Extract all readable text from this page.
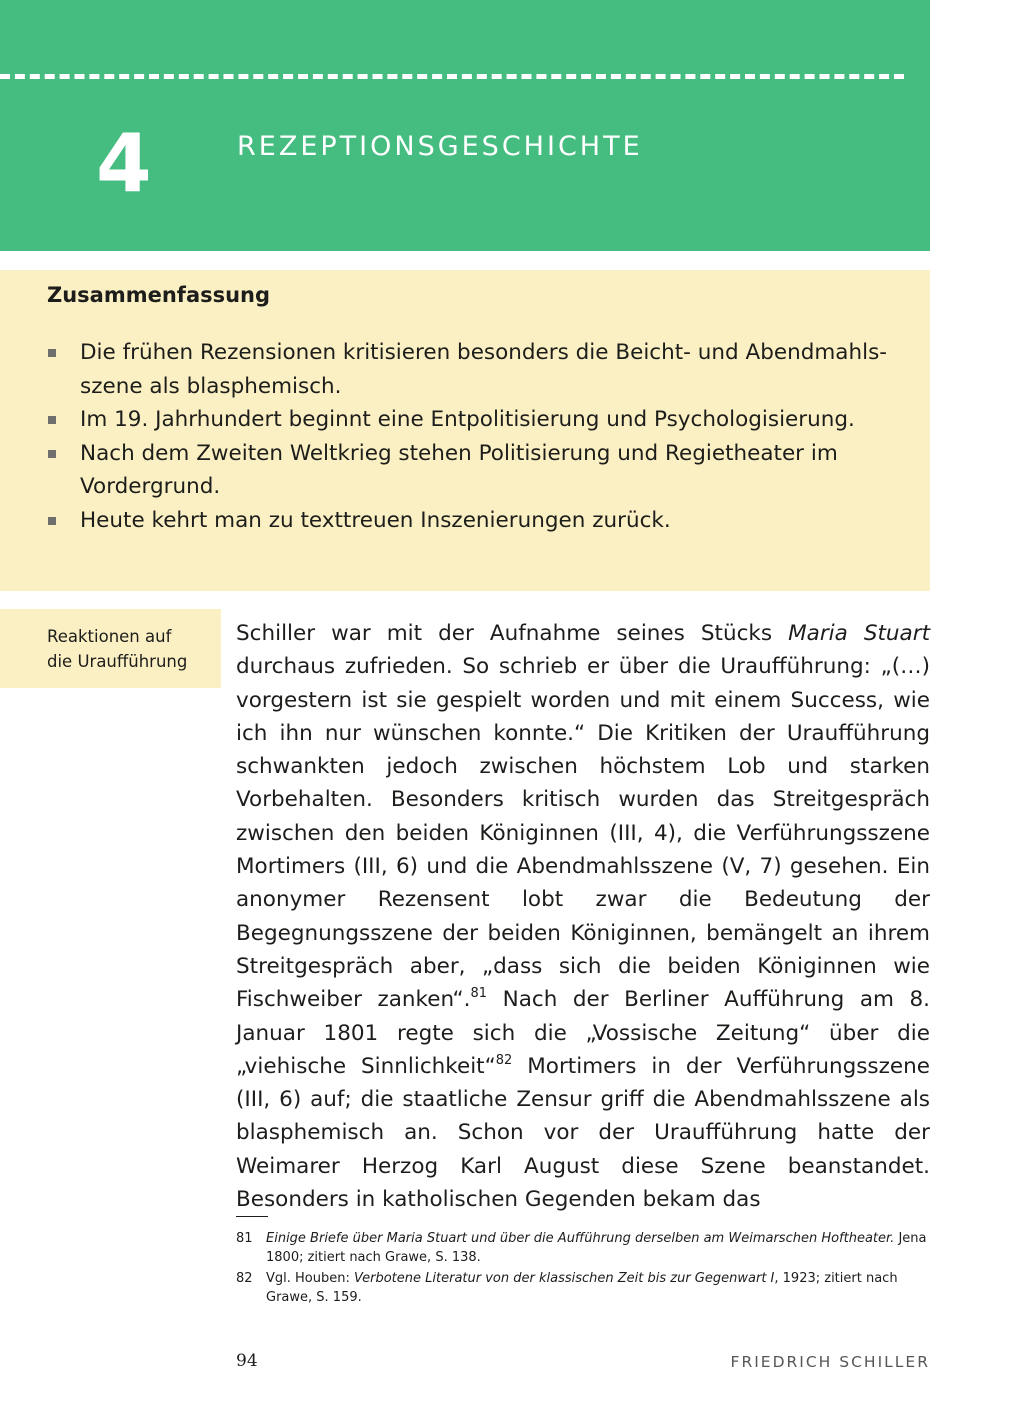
4	REZEPTIONSGESCHICHTE
Zusammenfassung
Die frühen Rezensionen kritisieren besonders die Beicht- und Abendmahlsszene als blasphemisch.
Im 19. Jahrhundert beginnt eine Entpolitisierung und Psychologisierung.
Nach dem Zweiten Weltkrieg stehen Politisierung und Regietheater im Vordergrund.
Heute kehrt man zu texttreuen Inszenierungen zurück.
Reaktionen auf
die Uraufführung

Schiller war mit der Aufnahme seines Stücks Maria Stuart durchaus zufrieden. So schrieb er über die Uraufführung: „(…) vorgestern ist sie gespielt worden und mit einem Success, wie ich ihn nur wünschen konnte.“ Die Kritiken der Uraufführung schwankten jedoch zwischen höchstem Lob und starken Vorbehalten. Besonders kritisch wurden das Streitgespräch zwischen den beiden Königinnen (III, 4), die Verführungsszene Mortimers (III, 6) und die Abendmahlsszene (V, 7) gesehen. Ein anonymer Rezensent lobt zwar die Bedeutung der Begegnungsszene der beiden Königinnen, bemängelt an ihrem Streitgespräch aber, „dass sich die beiden Königinnen wie Fischweiber zanken“.$^{81}$ Nach der Berliner Aufführung am 8. Januar 1801 regte sich die „Vossische Zeitung“ über die „viehische Sinnlichkeit“$^{82}$ Mortimers in der Verführungsszene (III, 6) auf; die staatliche Zensur griff die Abendmahlsszene als blasphemisch an. Schon vor der Uraufführung hatte der Weimarer Herzog Karl August diese Szene beanstandet. Besonders in katholischen Gegenden bekam das

81 Einige Briefe über Maria Stuart und über die Aufführung derselben am Weimarschen Hoftheater. Jena 1800; zitiert nach Grawe, S. 138.
82 Vgl. Houben: Verbotene Literatur von der klassischen Zeit bis zur Gegenwart I, 1923; zitiert nach Grawe, S. 159.
94	FRIEDRICH SCHILLER
